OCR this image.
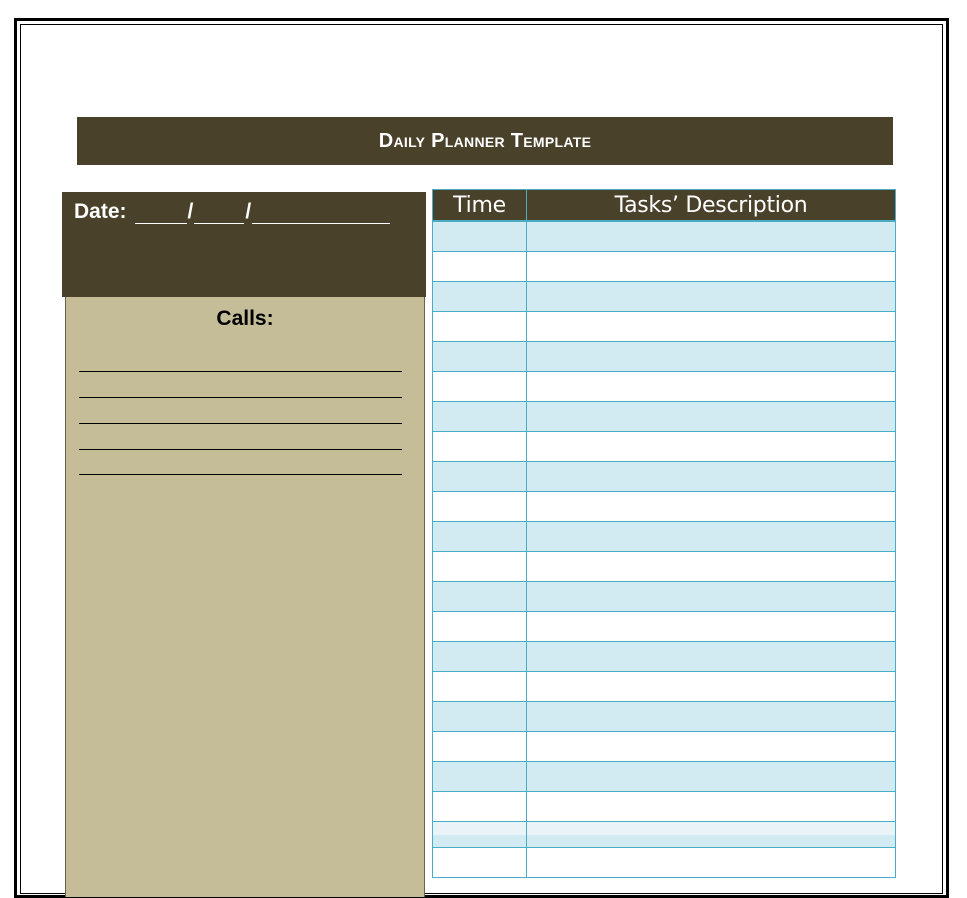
Daily Planner Template
Date:	/ /
Calls:
Time	Tasks’ Description
